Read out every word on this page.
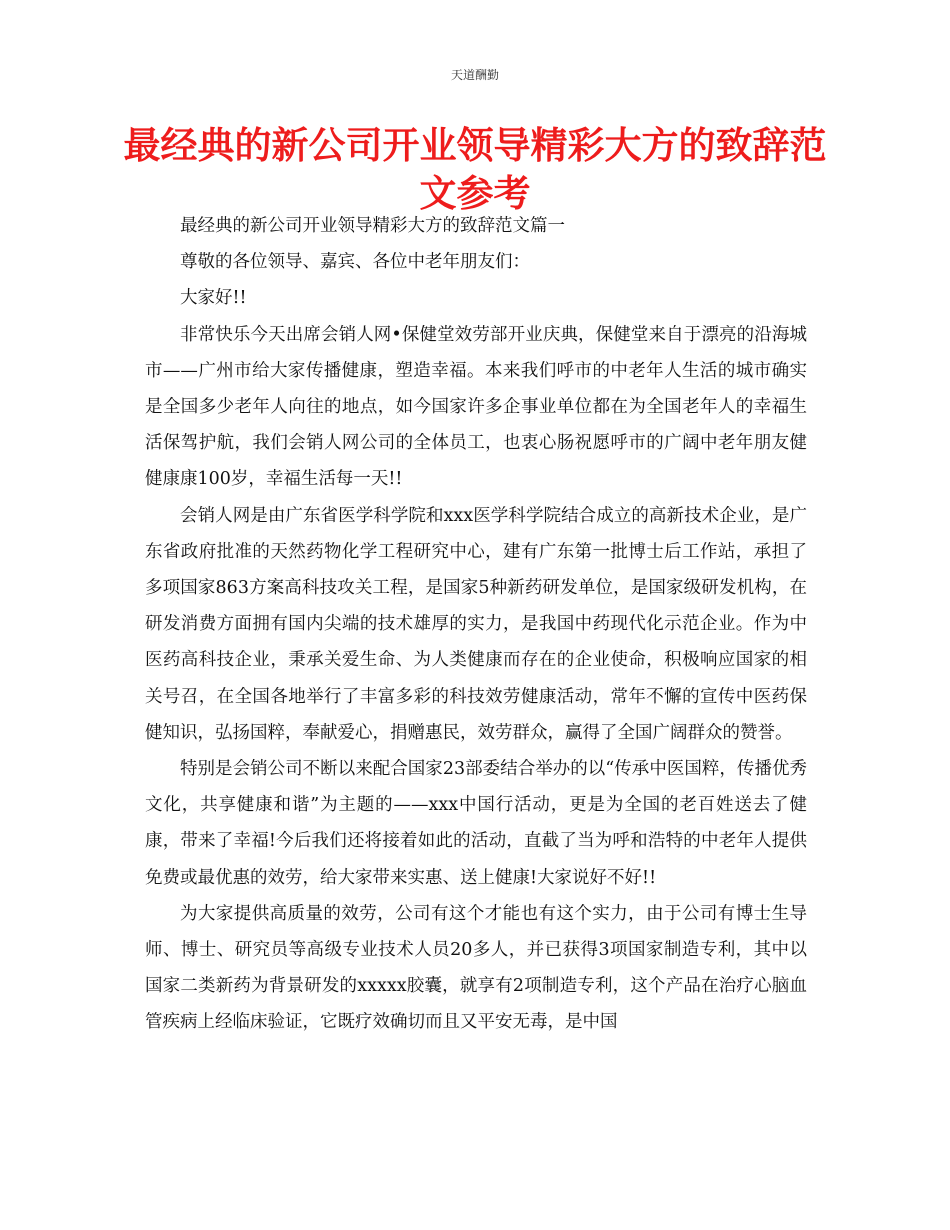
天道酬勤
最经典的新公司开业领导精彩大方的致辞范文参考

最经典的新公司开业领导精彩大方的致辞范文篇一

尊敬的各位领导、嘉宾、各位中老年朋友们：

大家好!!

非常快乐今天出席会销人网•保健堂效劳部开业庆典，保健堂来自于漂亮的沿海城市——广州市给大家传播健康，塑造幸福。本来我们呼市的中老年人生活的城市确实是全国多少老年人向往的地点，如今国家许多企事业单位都在为全国老年人的幸福生活保驾护航，我们会销人网公司的全体员工，也衷心肠祝愿呼市的广阔中老年朋友健健康康100岁，幸福生活每一天!!

会销人网是由广东省医学科学院和xxx医学科学院结合成立的高新技术企业，是广东省政府批准的天然药物化学工程研究中心，建有广东第一批博士后工作站，承担了多项国家863方案高科技攻关工程，是国家5种新药研发单位，是国家级研发机构，在研发消费方面拥有国内尖端的技术雄厚的实力，是我国中药现代化示范企业。作为中医药高科技企业，秉承关爱生命、为人类健康而存在的企业使命，积极响应国家的相关号召，在全国各地举行了丰富多彩的科技效劳健康活动，常年不懈的宣传中医药保健知识，弘扬国粹，奉献爱心，捐赠惠民，效劳群众，赢得了全国广阔群众的赞誉。

特别是会销公司不断以来配合国家23部委结合举办的以“传承中医国粹，传播优秀文化，共享健康和谐”为主题的——xxx中国行活动，更是为全国的老百姓送去了健康，带来了幸福!今后我们还将接着如此的活动，直截了当为呼和浩特的中老年人提供免费或最优惠的效劳，给大家带来实惠、送上健康!大家说好不好!!

为大家提供高质量的效劳，公司有这个才能也有这个实力，由于公司有博士生导师、博士、研究员等高级专业技术人员20多人，并已获得3项国家制造专利，其中以国家二类新药为背景研发的xxxxx胶囊，就享有2项制造专利，这个产品在治疗心脑血管疾病上经临床验证，它既疗效确切而且又平安无毒，是中国
